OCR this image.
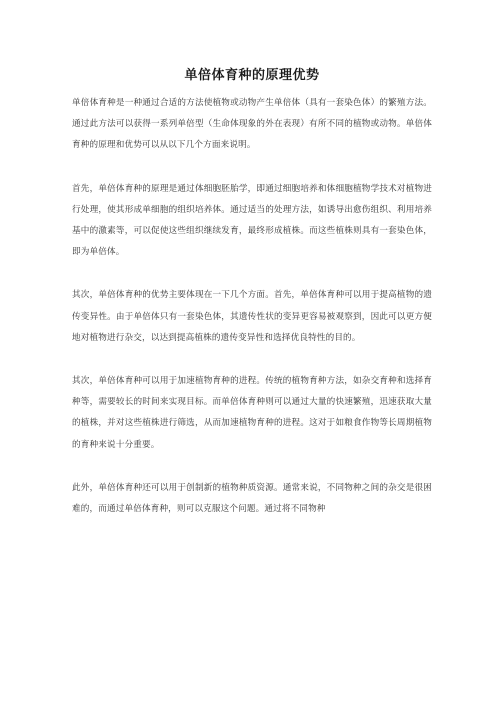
单倍体育种的原理优势

单倍体育种是一种通过合适的方法使植物或动物产生单倍体（具有一套染色体）的繁殖方法。通过此方法可以获得一系列单倍型（生命体现象的外在表现）有所不同的植物或动物。单倍体育种的原理和优势可以从以下几个方面来说明。

首先，单倍体育种的原理是通过体细胞胚胎学，即通过细胞培养和体细胞植物学技术对植物进行处理，使其形成单细胞的组织培养体。通过适当的处理方法，如诱导出愈伤组织、利用培养基中的激素等，可以促使这些组织继续发育，最终形成植株。而这些植株则具有一套染色体，即为单倍体。

其次，单倍体育种的优势主要体现在一下几个方面。首先，单倍体育种可以用于提高植物的遗传变异性。由于单倍体只有一套染色体，其遗传性状的变异更容易被观察到，因此可以更方便地对植物进行杂交，以达到提高植株的遗传变异性和选择优良特性的目的。

其次，单倍体育种可以用于加速植物育种的进程。传统的植物育种方法，如杂交育种和选择育种等，需要较长的时间来实现目标。而单倍体育种则可以通过大量的快速繁殖，迅速获取大量的植株，并对这些植株进行筛选，从而加速植物育种的进程。这对于如粮食作物等长周期植物的育种来说十分重要。

此外，单倍体育种还可以用于创制新的植物种质资源。通常来说，不同物种之间的杂交是很困难的，而通过单倍体育种，则可以克服这个问题。通过将不同物种
